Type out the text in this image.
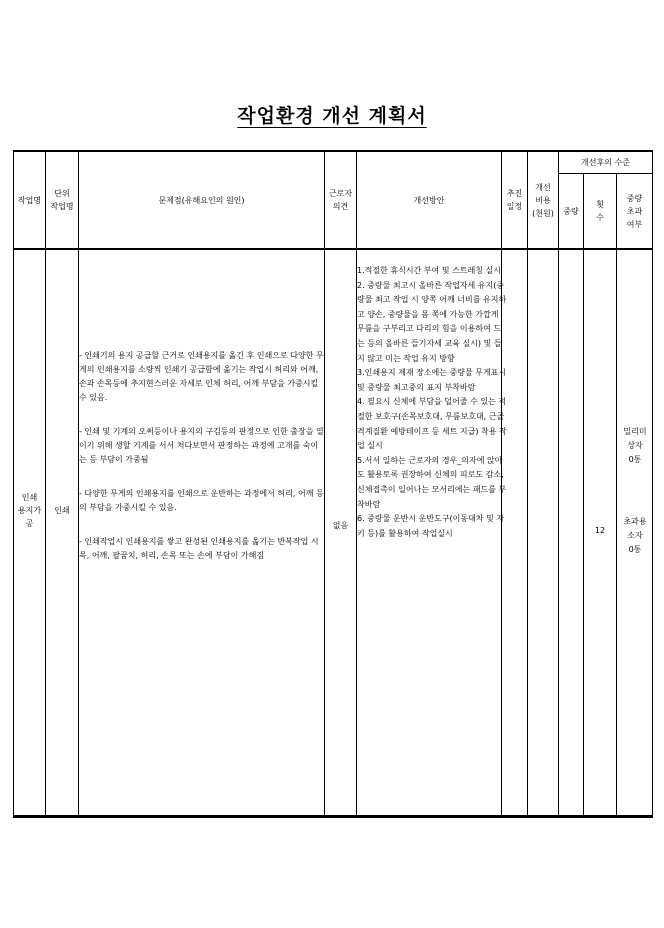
작업환경 개선 계획서
작업명
단위
작업명
문제점(유해요인의 원인)
근로자
의견
개선방안
추진
일정
개선
비용
(천원)
개선후의 수준
중량
횟
수
중량
초과
여부
인쇄
용지가
공
인쇄
없음
12

- 인쇄기의 용지 공급할 근거로 인쇄용지를 옮긴 후 인쇄으로 다양한 무게의 인쇄용지를 소량씩 인쇄기 공급함에 옮기는 작업시 허리와 어깨, 손과 손목등에 추지현스러운 자세로 인체 허리, 어깨 부담을 가중시킬 수 있음.

- 인쇄 및 기계의 오써등이나 용지의 구김등의 판정으로 인한 출장을 열이기 위해 생할 기계를 서서 처다보면서 판정하는 과정에 고개를 숙이는 등 부담이 가중됨

- 다양한 무게의 인쇄용지를 인쇄으로 운반하는 과정에서 허리, 어깨 등의 부담을 가중시킬 수 있음.

- 인쇄작업시 인쇄용지를 쌓고 완성된 인쇄용지를 옮기는 반복작업 시 목, 어깨, 팔꿈치, 허리, 손목 또는 손에 부담이 가해짐

1.적절한 휴식시간 부여 및 스트레칭 실시

2. 중량물 최고시 올바른 작업자세 유지(중량물 최고 작업 시 양쪽 어깨 너비를 유지하고 양손, 중량물을 몸 쪽에 가능한 가깝게 무릎을 구부리고 다리의 힘을 이용하여 드는 등의 올바른 들기자세 교육 실시) 및 들지 않고 미는 작업 유지 방향

3.인쇄용지 제재 장소에는 중량물 무게표시 및 중량물 최고중의 표지 부착바람

4. 필요시 신체에 부담을 덜어줄 수 있는 적절한 보호구(손목보호대, 무릎보호대, 근골격계질환 예방테이프 등 세트 지급) 착용 작업 실시

5.서서 일하는 근로자의 경우_의자에 앉아도 활용토록 권장하여 신체의 피로도 감소, 신체접촉이 일어나는 모서리에는 패드를 부착바람

6. 중량물 운반시 운반도구(이동대차 및 자키 등)를 활용하여 작업실시

밀리미
상자
0통
초과용
소자
0통
